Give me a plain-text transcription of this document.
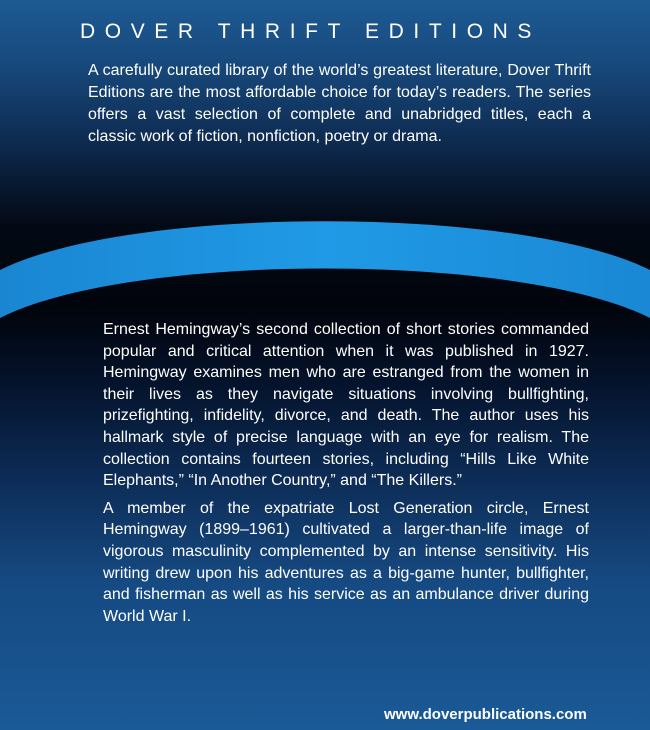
DOVER THRIFT EDITIONS
A carefully curated library of the world’s greatest literature, Dover Thrift Editions are the most affordable choice for today’s readers. The series offers a vast selection of complete and unabridged titles, each a classic work of fiction, nonfiction, poetry or drama.

Ernest Hemingway’s second collection of short stories commanded popular and critical attention when it was published in 1927. Hemingway examines men who are estranged from the women in their lives as they navigate situations involving bullfighting, prizefighting, infidelity, divorce, and death. The author uses his hallmark style of precise language with an eye for realism. The collection contains fourteen stories, including “Hills Like White Elephants,” “In Another Country,” and “The Killers.”

A member of the expatriate Lost Generation circle, Ernest Hemingway (1899–1961) cultivated a larger-than-life image of vigorous masculinity complemented by an intense sensitivity. His writing drew upon his adventures as a big-game hunter, bullfighter, and fisherman as well as his service as an ambulance driver during World War I.

www.doverpublications.com
